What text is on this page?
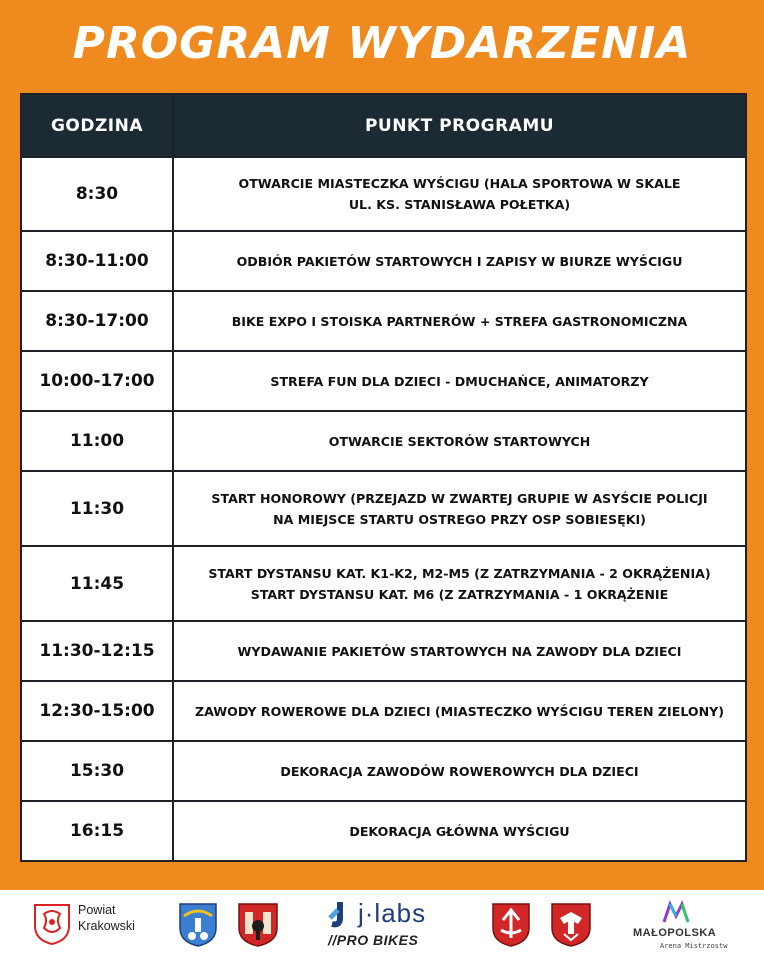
PROGRAM WYDARZENIA
GODZINA	PUNKT PROGRAMU
8:30	OTWARCIE MIASTECZKA WYŚCIGU (HALA SPORTOWA W SKALE
UL. KS. STANISŁAWA POŁETKA)

8:30-11:00	ODBIÓR PAKIETÓW STARTOWYCH I ZAPISY W BIURZE WYŚCIGU

8:30-17:00	BIKE EXPO I STOISKA PARTNERÓW + STREFA GASTRONOMICZNA

10:00-17:00	STREFA FUN DLA DZIECI - DMUCHAŃCE, ANIMATORZY

11:00	OTWARCIE SEKTORÓW STARTOWYCH

11:30	START HONOROWY (PRZEJAZD W ZWARTEJ GRUPIE W ASYŚCIE POLICJI
NA MIEJSCE STARTU OSTREGO PRZY OSP SOBIESĘKI)

11:45	START DYSTANSU KAT. K1-K2, M2-M5 (Z ZATRZYMANIA - 2 OKRĄŻENIA)
START DYSTANSU KAT. M6 (Z ZATRZYMANIA - 1 OKRĄŻENIE

11:30-12:15	WYDAWANIE PAKIETÓW STARTOWYCH NA ZAWODY DLA DZIECI

12:30-15:00	ZAWODY ROWEROWE DLA DZIECI (MIASTECZKO WYŚCIGU TEREN ZIELONY)

15:30	DEKORACJA ZAWODÓW ROWEROWYCH DLA DZIECI

16:15	DEKORACJA GŁÓWNA WYŚCIGU
Powiat
Krakowski	j·labs
//PRO BIKES	MAŁOPOLSKA
Arena Mistrzostw
